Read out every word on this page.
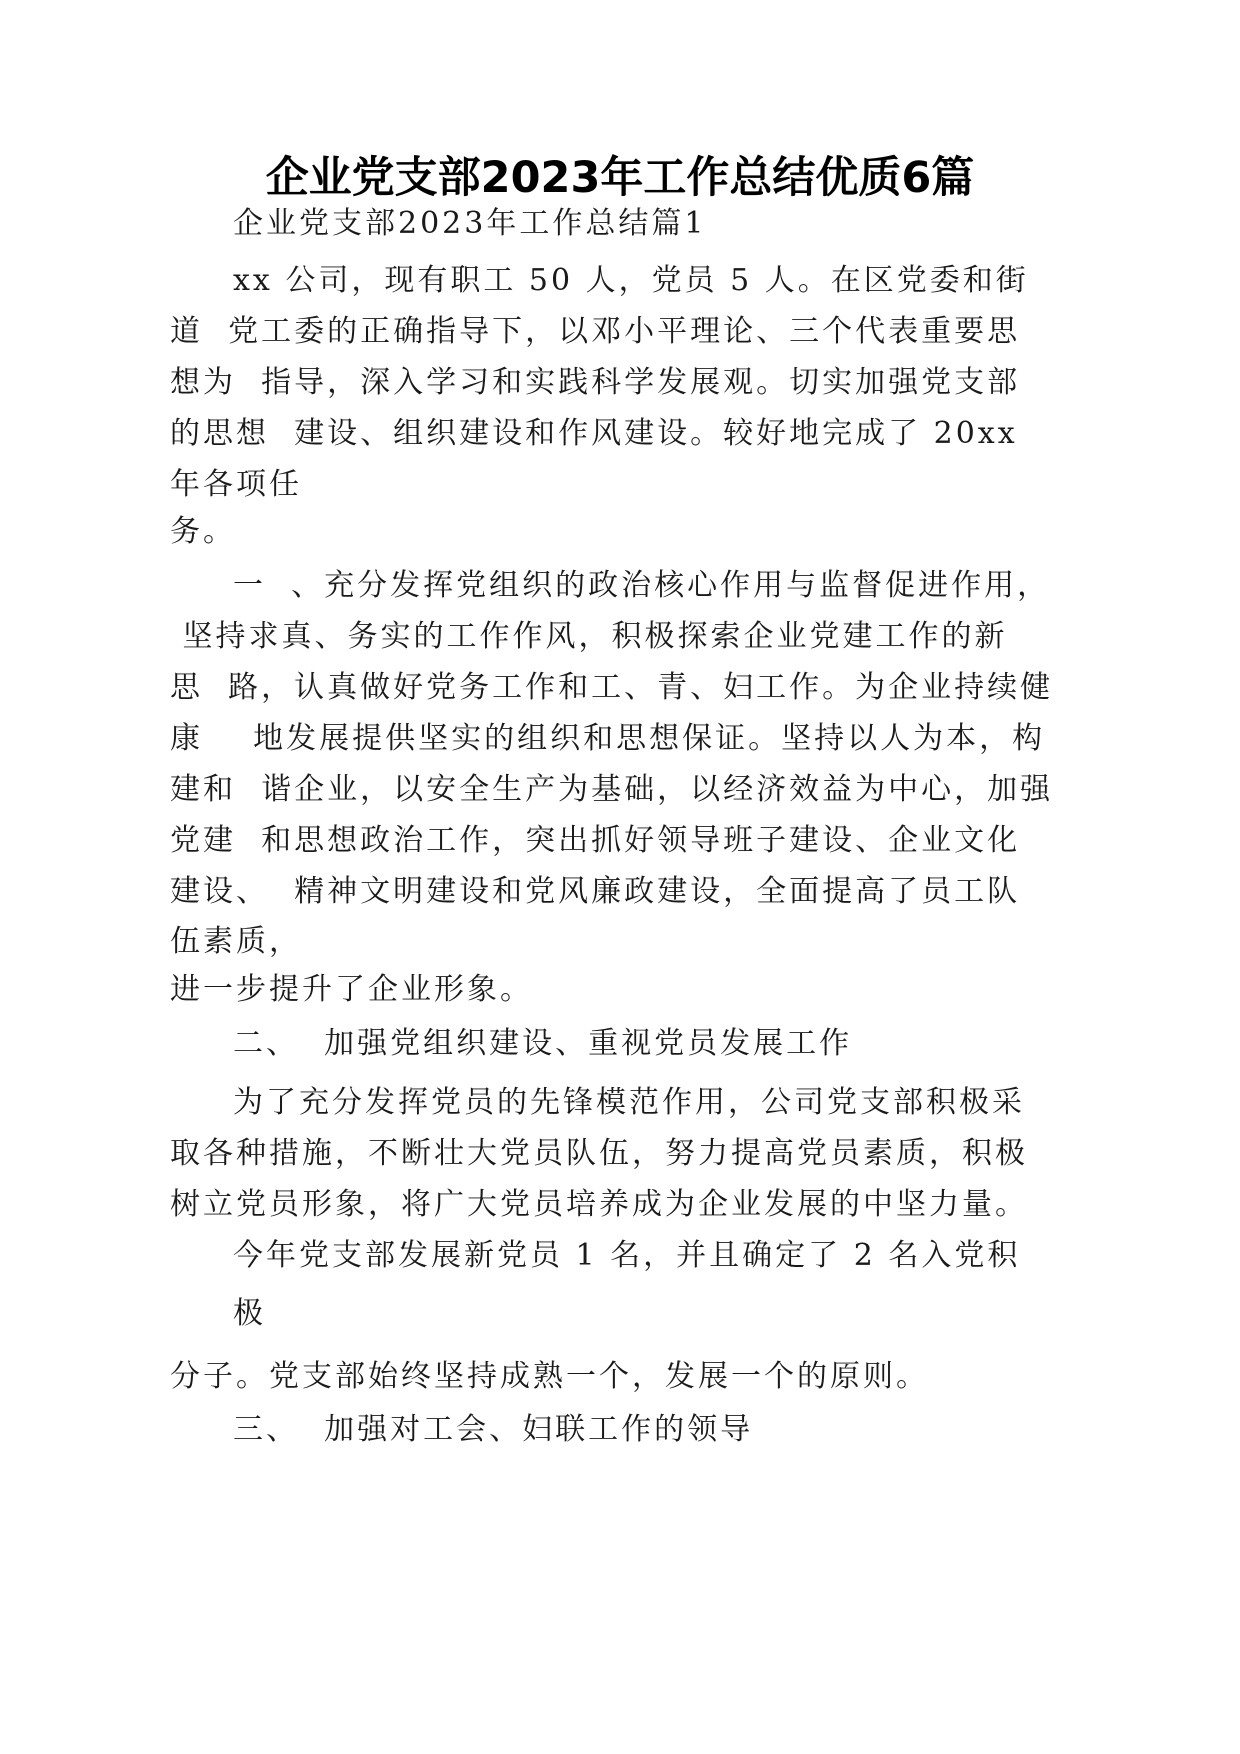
企业党支部2023年工作总结优质6篇

企业党支部2023年工作总结篇1

xx 公司，现有职工 50 人，党员 5 人。在区党委和街

道  党工委的正确指导下，以邓小平理论、三个代表重要思

想为  指导，深入学习和实践科学发展观。切实加强党支部

的思想  建设、组织建设和作风建设。较好地完成了 20xx

年各项任

务。

一  、充分发挥党组织的政治核心作用与监督促进作用，

坚持求真、务实的工作作风，积极探索企业党建工作的新

思  路，认真做好党务工作和工、青、妇工作。为企业持续健

康    地发展提供坚实的组织和思想保证。坚持以人为本，构

建和  谐企业，以安全生产为基础，以经济效益为中心，加强

党建  和思想政治工作，突出抓好领导班子建设、企业文化

建设、  精神文明建设和党风廉政建设，全面提高了员工队

伍素质，

进一步提升了企业形象。

二、  加强党组织建设、重视党员发展工作

为了充分发挥党员的先锋模范作用，公司党支部积极采

取各种措施，不断壮大党员队伍，努力提高党员素质，积极

树立党员形象，将广大党员培养成为企业发展的中坚力量。

今年党支部发展新党员 1 名，并且确定了 2 名入党积

极

分子。党支部始终坚持成熟一个，发展一个的原则。

三、  加强对工会、妇联工作的领导
